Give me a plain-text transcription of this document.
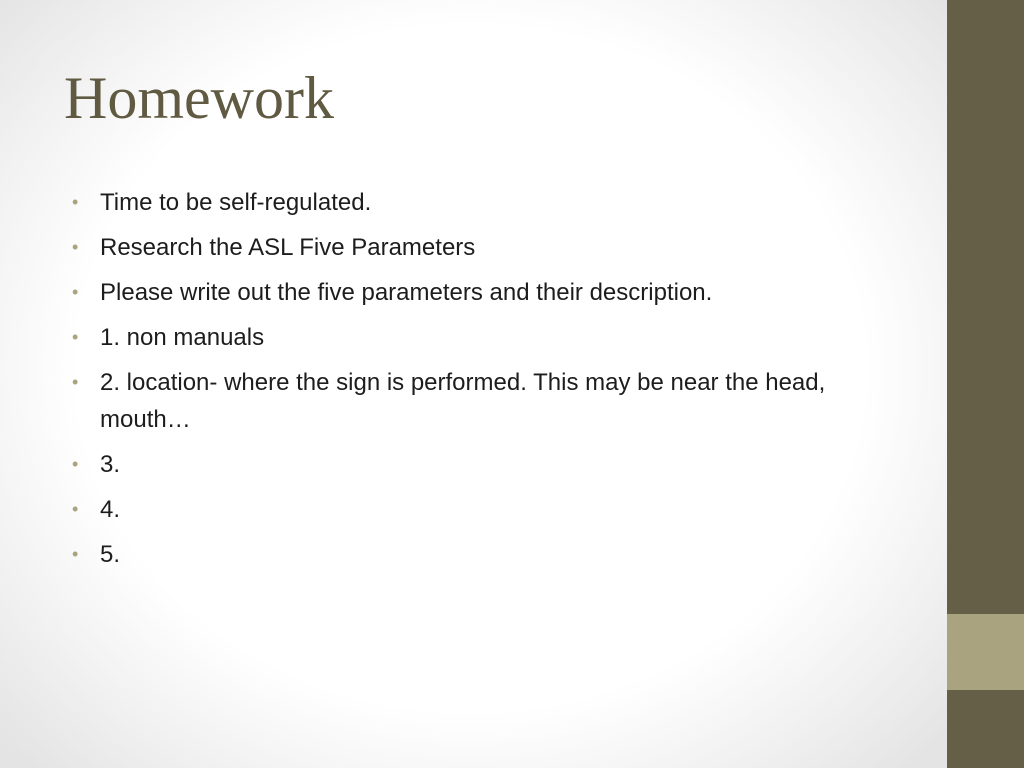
Homework
• Time to be self-regulated.
• Research the ASL Five Parameters
• Please write out the five parameters and their description.
• 1. non manuals
• 2. location- where the sign is performed. This may be near the head, mouth…
• 3.
• 4.
• 5.
